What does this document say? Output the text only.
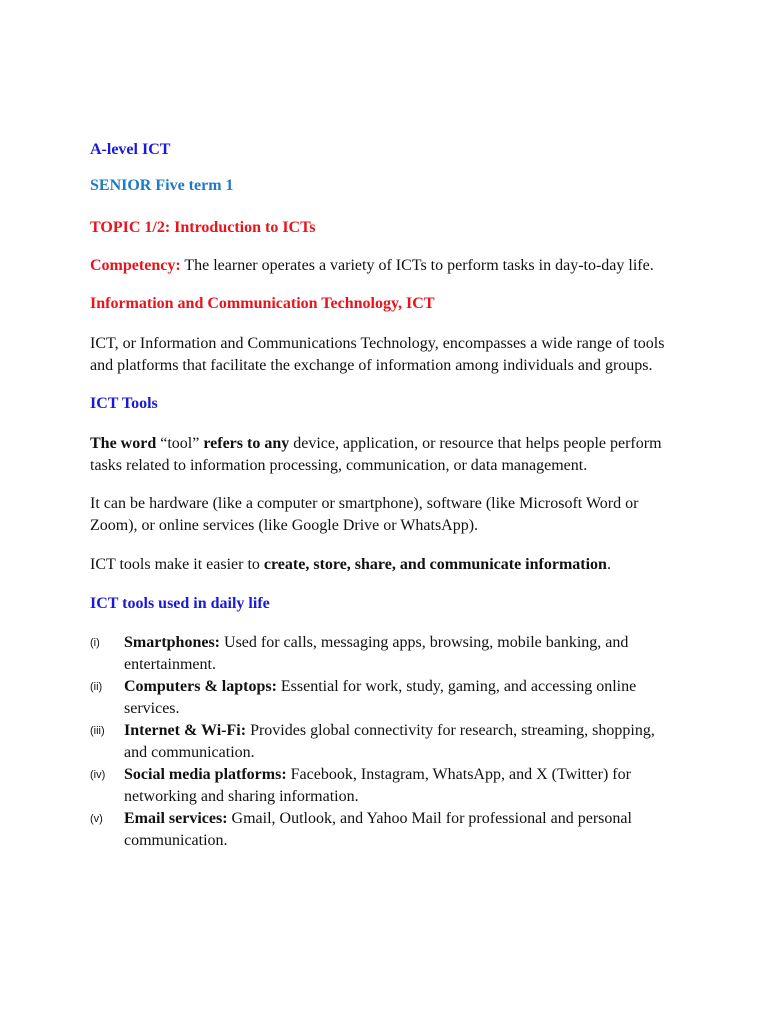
A-level ICT
SENIOR Five term 1
TOPIC 1/2: Introduction to ICTs

Competency: The learner operates a variety of ICTs to perform tasks in day-to-day life.

Information and Communication Technology, ICT

ICT, or Information and Communications Technology, encompasses a wide range of tools and platforms that facilitate the exchange of information among individuals and groups.

ICT Tools

The word “tool” refers to any device, application, or resource that helps people perform tasks related to information processing, communication, or data management.

It can be hardware (like a computer or smartphone), software (like Microsoft Word or Zoom), or online services (like Google Drive or WhatsApp).

ICT tools make it easier to create, store, share, and communicate information.

ICT tools used in daily life
(i) Smartphones: Used for calls, messaging apps, browsing, mobile banking, and entertainment.
(ii) Computers & laptops: Essential for work, study, gaming, and accessing online services.
(iii) Internet & Wi-Fi: Provides global connectivity for research, streaming, shopping, and communication.
(iv) Social media platforms: Facebook, Instagram, WhatsApp, and X (Twitter) for networking and sharing information.
(v) Email services: Gmail, Outlook, and Yahoo Mail for professional and personal communication.
